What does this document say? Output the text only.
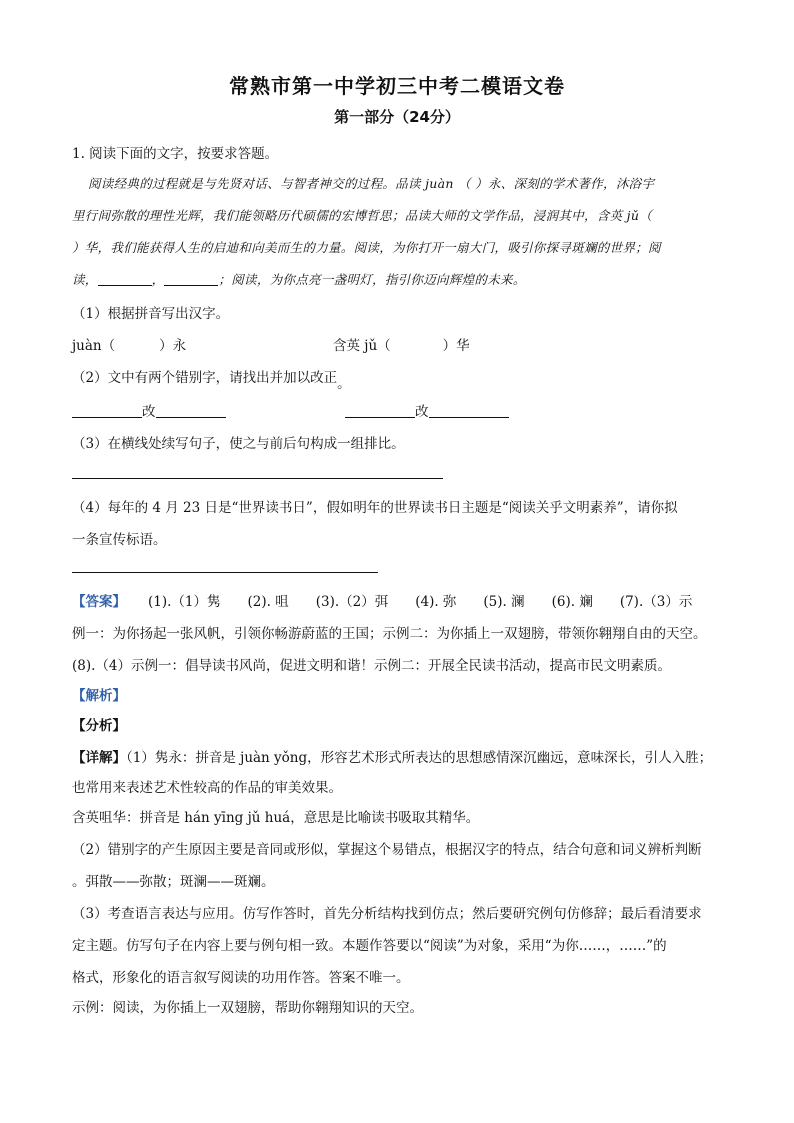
常熟市第一中学初三中考二模语文卷
第一部分（24分）
1. 阅读下面的文字，按要求答题。
阅读经典的过程就是与先贤对话、与智者神交的过程。品读 juàn （ ）永、深刻的学术著作，沐浴宇
里行间弥散的理性光辉，我们能领略历代硕儒的宏博哲思；品读大师的文学作品，浸润其中，含英 jǔ（
）华，我们能获得人生的启迪和向美而生的力量。阅读，为你打开一扇大门，吸引你探寻斑斓的世界；阅
读，	，	；阅读，为你点亮一盏明灯，指引你迈向辉煌的未来。
（1）根据拼音写出汉字。
juàn（	）永	含英 jǔ（	）华
（2）文中有两个错别字，请找出并加以改正。
改	改
（3）在横线处续写句子，使之与前后句构成一组排比。
（4）每年的 4 月 23 日是“世界读书日”，假如明年的世界读书日主题是“阅读关乎文明素养”，请你拟
一条宣传标语。
【答案】 (1).（1）隽　　(2). 咀　　(3).（2）弭　　(4). 弥　　(5). 澜　　(6). 斓　　(7).（3）示
例一：为你扬起一张风帆，引领你畅游蔚蓝的王国；示例二：为你插上一双翅膀，带领你翱翔自由的天空。
(8).（4）示例一：倡导读书风尚，促进文明和谐！示例二：开展全民读书活动，提高市民文明素质。
【解析】
【分析】
【详解】（1）隽永：拼音是 juàn yǒng，形容艺术形式所表达的思想感情深沉幽远，意味深长，引人入胜；
也常用来表述艺术性较高的作品的审美效果。
含英咀华：拼音是 hán yīng jǔ huá，意思是比喻读书吸取其精华。
（2）错别字的产生原因主要是音同或形似，掌握这个易错点，根据汉字的特点，结合句意和词义辨析判断
。弭散——弥散；斑澜——斑斓。
（3）考查语言表达与应用。仿写作答时，首先分析结构找到仿点；然后要研究例句仿修辞；最后看清要求
定主题。仿写句子在内容上要与例句相一致。本题作答要以“阅读”为对象，采用“为你……，……”的
格式，形象化的语言叙写阅读的功用作答。答案不唯一。
示例：阅读，为你插上一双翅膀，帮助你翱翔知识的天空。
